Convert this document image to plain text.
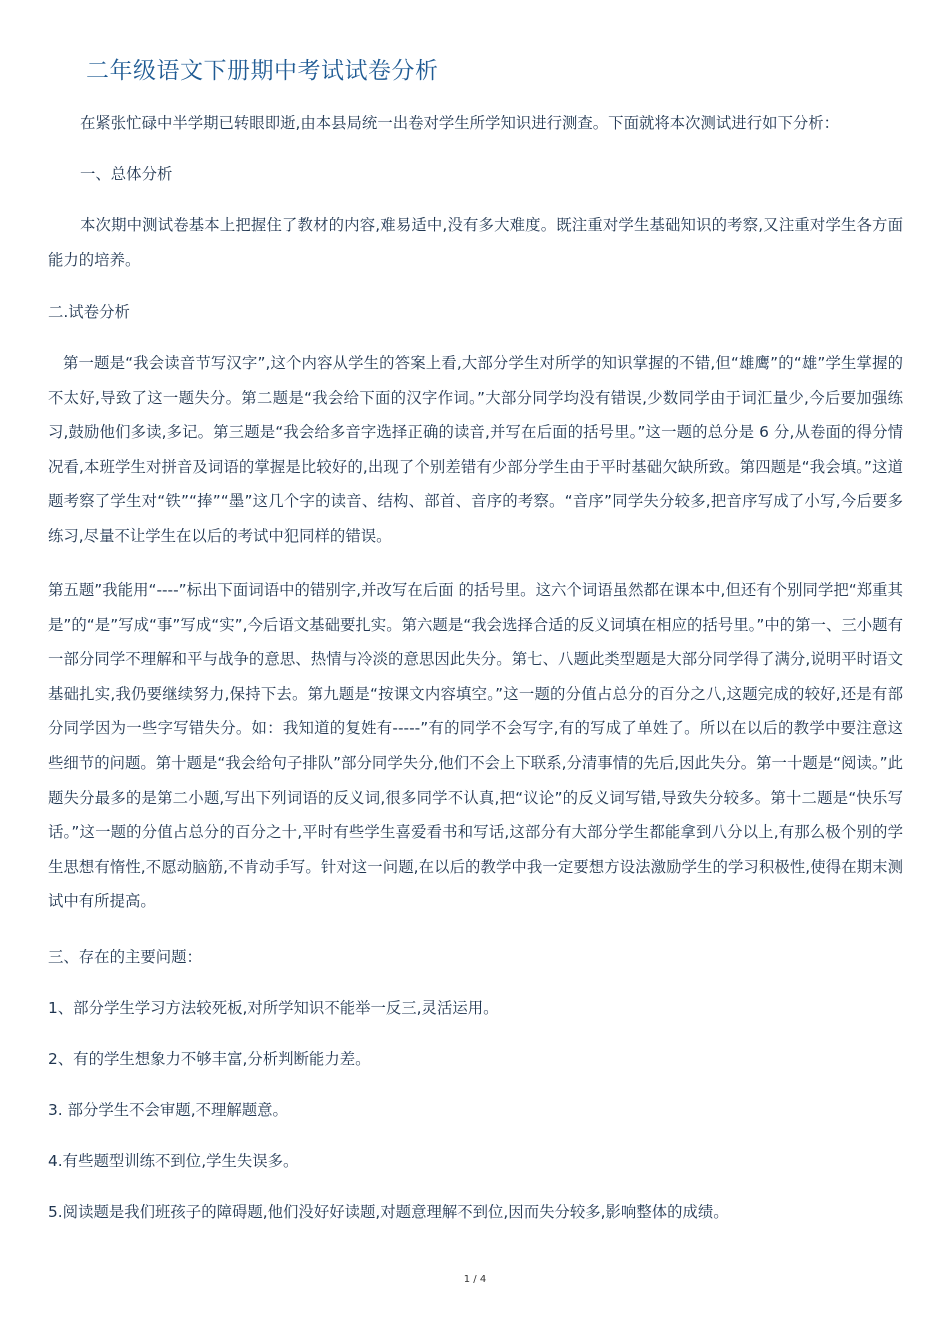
二年级语文下册期中考试试卷分析

在紧张忙碌中半学期已转眼即逝,由本县局统一出卷对学生所学知识进行测查。下面就将本次测试进行如下分析：

一、总体分析

本次期中测试卷基本上把握住了教材的内容,难易适中,没有多大难度。既注重对学生基础知识的考察,又注重对学生各方面能力的培养。

二.试卷分析

第一题是“我会读音节写汉字”,这个内容从学生的答案上看,大部分学生对所学的知识掌握的不错,但“雄鹰”的“雄”学生掌握的不太好,导致了这一题失分。第二题是“我会给下面的汉字作词。”大部分同学均没有错误,少数同学由于词汇量少,今后要加强练习,鼓励他们多读,多记。第三题是“我会给多音字选择正确的读音,并写在后面的括号里。”这一题的总分是 6 分,从卷面的得分情况看,本班学生对拼音及词语的掌握是比较好的,出现了个别差错有少部分学生由于平时基础欠缺所致。第四题是“我会填。”这道题考察了学生对“铁”“捧”“墨”这几个字的读音、结构、部首、音序的考察。“音序”同学失分较多,把音序写成了小写,今后要多练习,尽量不让学生在以后的考试中犯同样的错误。

第五题”我能用“----”标出下面词语中的错别字,并改写在后面 的括号里。这六个词语虽然都在课本中,但还有个别同学把“郑重其是”的“是”写成“事”写成“实”,今后语文基础要扎实。第六题是“我会选择合适的反义词填在相应的括号里。”中的第一、三小题有一部分同学不理解和平与战争的意思、热情与冷淡的意思因此失分。第七、八题此类型题是大部分同学得了满分,说明平时语文基础扎实,我仍要继续努力,保持下去。第九题是“按课文内容填空。”这一题的分值占总分的百分之八,这题完成的较好,还是有部分同学因为一些字写错失分。如：我知道的复姓有-----”有的同学不会写字,有的写成了单姓了。所以在以后的教学中要注意这些细节的问题。第十题是“我会给句子排队”部分同学失分,他们不会上下联系,分清事情的先后,因此失分。第一十题是“阅读。”此题失分最多的是第二小题,写出下列词语的反义词,很多同学不认真,把“议论”的反义词写错,导致失分较多。第十二题是“快乐写话。”这一题的分值占总分的百分之十,平时有些学生喜爱看书和写话,这部分有大部分学生都能拿到八分以上,有那么极个别的学生思想有惰性,不愿动脑筋,不肯动手写。针对这一问题,在以后的教学中我一定要想方设法激励学生的学习积极性,使得在期末测试中有所提高。

三、存在的主要问题：

1、部分学生学习方法较死板,对所学知识不能举一反三,灵活运用。

2、有的学生想象力不够丰富,分析判断能力差。

3. 部分学生不会审题,不理解题意。

4.有些题型训练不到位,学生失误多。

5.阅读题是我们班孩子的障碍题,他们没好好读题,对题意理解不到位,因而失分较多,影响整体的成绩。

1 / 4
